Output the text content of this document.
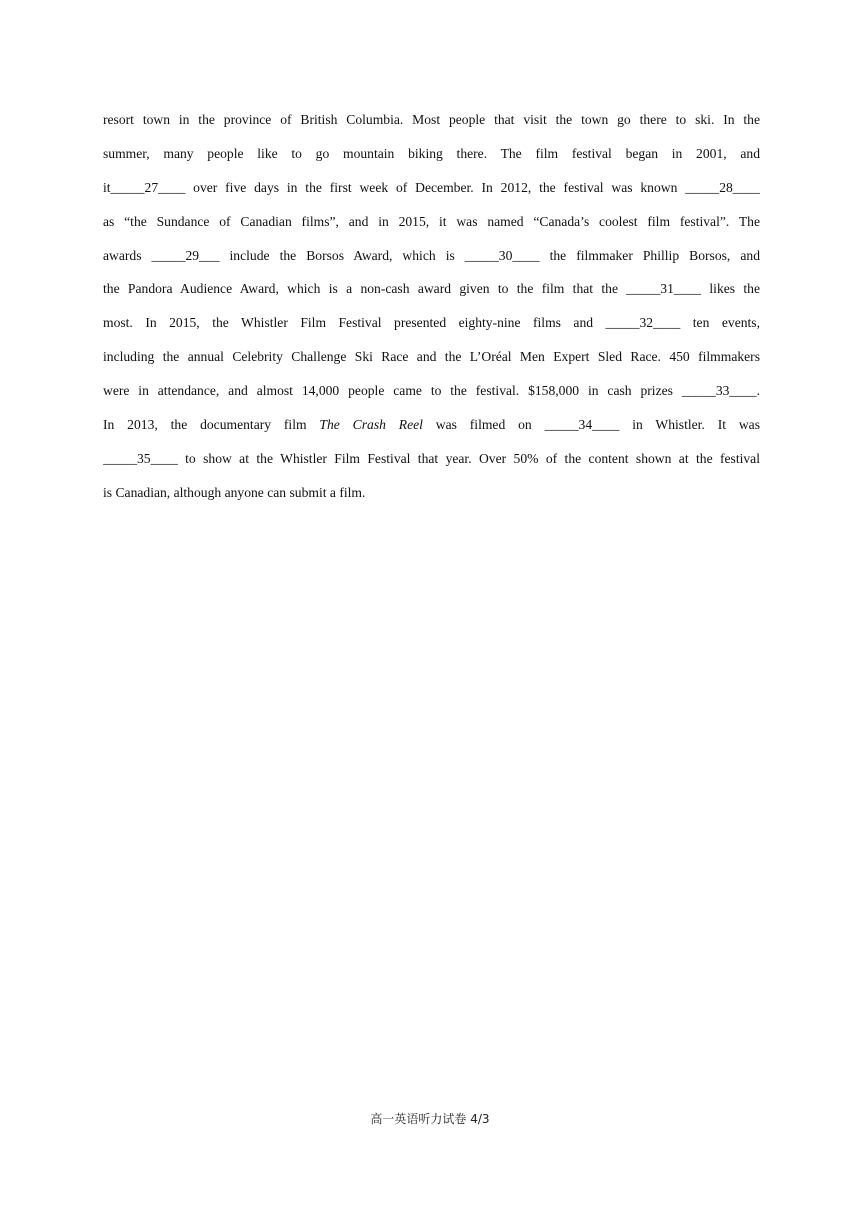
resort town in the province of British Columbia. Most people that visit the town go there to ski. In the
summer, many people like to go mountain biking there. The film festival began in 2001, and
it_____27____ over five days in the first week of December. In 2012, the festival was known _____28____
as “the Sundance of Canadian films”, and in 2015, it was named “Canada’s coolest film festival”. The
awards _____29___ include the Borsos Award, which is _____30____ the filmmaker Phillip Borsos, and
the Pandora Audience Award, which is a non-cash award given to the film that the _____31____ likes the
most. In 2015, the Whistler Film Festival presented eighty-nine films and _____32____ ten events,
including the annual Celebrity Challenge Ski Race and the L’Oréal Men Expert Sled Race. 450 filmmakers
were in attendance, and almost 14,000 people came to the festival. $158,000 in cash prizes _____33____.
In 2013, the documentary film The Crash Reel was filmed on _____34____ in Whistler. It was
_____35____ to show at the Whistler Film Festival that year. Over 50% of the content shown at the festival
is Canadian, although anyone can submit a film.
高一英语听力试卷 4/3
